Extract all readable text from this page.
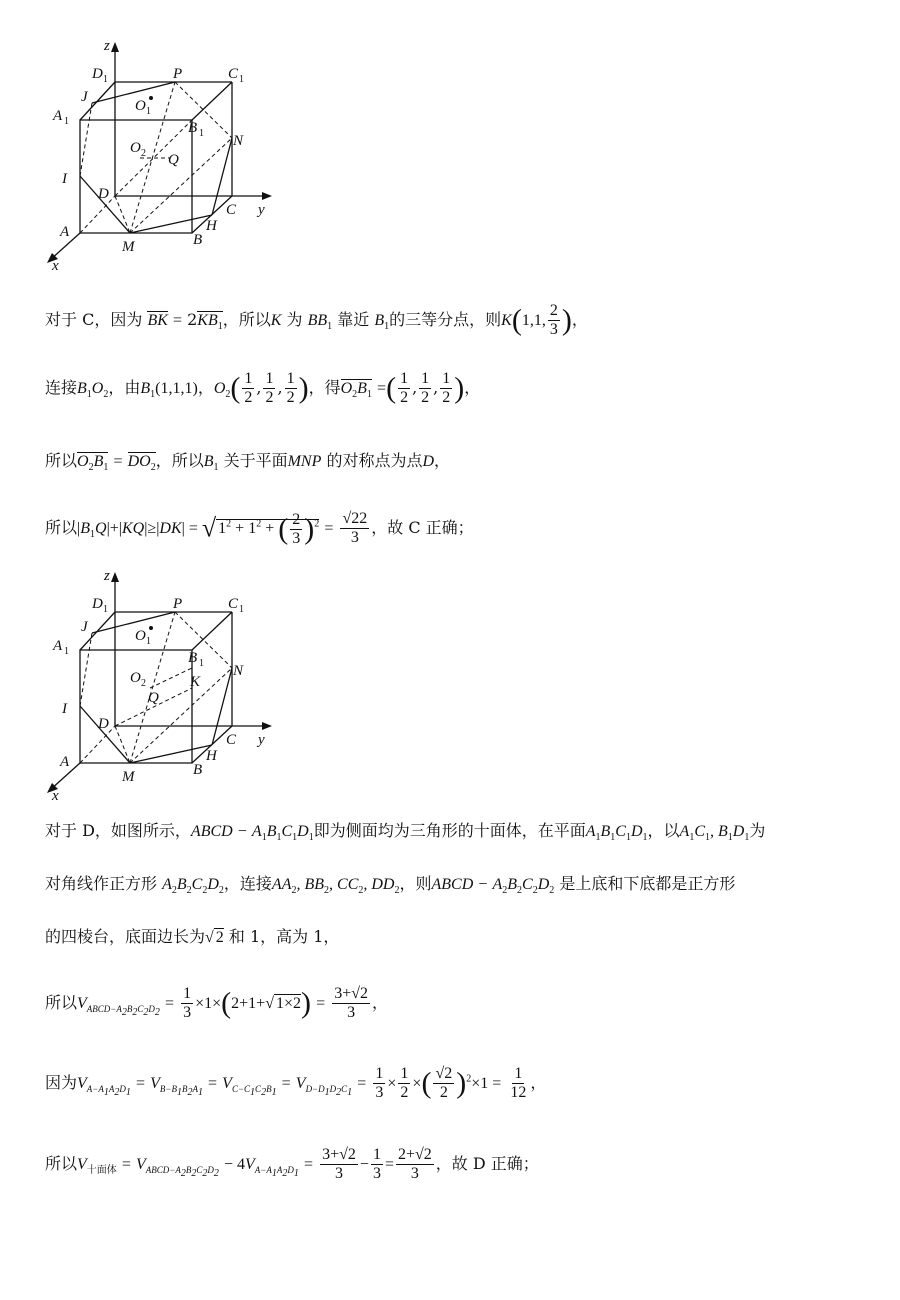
z
D 1	P	C 1
A 1
J
O 1
B 1 N
O 2 Q
I
D
C y
A	H
B
M
x
对于 C，因为 BK = $2KB_1$，所以K 为 $BB_1$ 靠近 $B_1$的三等分点，则K(1,1, $\frac{2}{3}$ )，
连接$B_1O_2$，由$B_1(1,1,1)$，$O_2( \frac{1}{2}$ , $\frac{1}{2}$ , $\frac{1}{2}$ )，得$O_2B_1$ =( $\frac{1}{2}$ , $\frac{1}{2}$ , $\frac{1}{2}$ )，
所以$O_2B_1 = DO_2$，所以$B_1$ 关于平面MNP 的对称点为点D，
所以$|B_1Q|+|KQ|\ge|DK|$ = √ $1^2 + 1^2$ + ( $\frac{2}{3} )^2 = \frac{√22}{3}$ ，故 C 正确；
z
D 1	P	C 1
A 1
J
O 1
B 1 N
O 2	K
Q
I
D
C y
A	H
B
M
x
对于 D，如图所示，ABCD − $A_1B_1C_1D_1$即为侧面均为三角形的十面体，在平面$A_1B_1C_1D_1$，以$A_1C_1$, $B_1D_1$为
对角线作正方形 $A_2B_2C_2D_2$，连接$AA_2$, $BB_2$, $CC_2$, $DD_2$，则ABCD − $A_2B_2C_2D_2$ 是上底和下底都是正方形
的四棱台，底面边长为√ 2 和 1，高为 1，
所以$V_{ABCD-A_2B_2C_2D_2} = \frac{1}{3} \times 1\times(2+1+√$ $1\times 2) = \frac{3+√2}{3}$ ，
因为$V_{A-A_1A_2D_1} = V_{B-B_1B_2A_1} = V_{C-C_1C_2B_1} = V_{D-D_1D_2C_1} = \frac{1}{3} \times \frac{1}{2}$ ×( $\frac{√2}{2} )^2\times 1 = \frac{1}{12}$ ，
所以$V_{十面体} = V_{ABCD-A_2B_2C_2D_2} - 4V_{A-A_1A_2D_1} = \frac{3+√2}{3} - \frac{1}{3} = \frac{2+√2}{3}$ ，故 D 正确；
